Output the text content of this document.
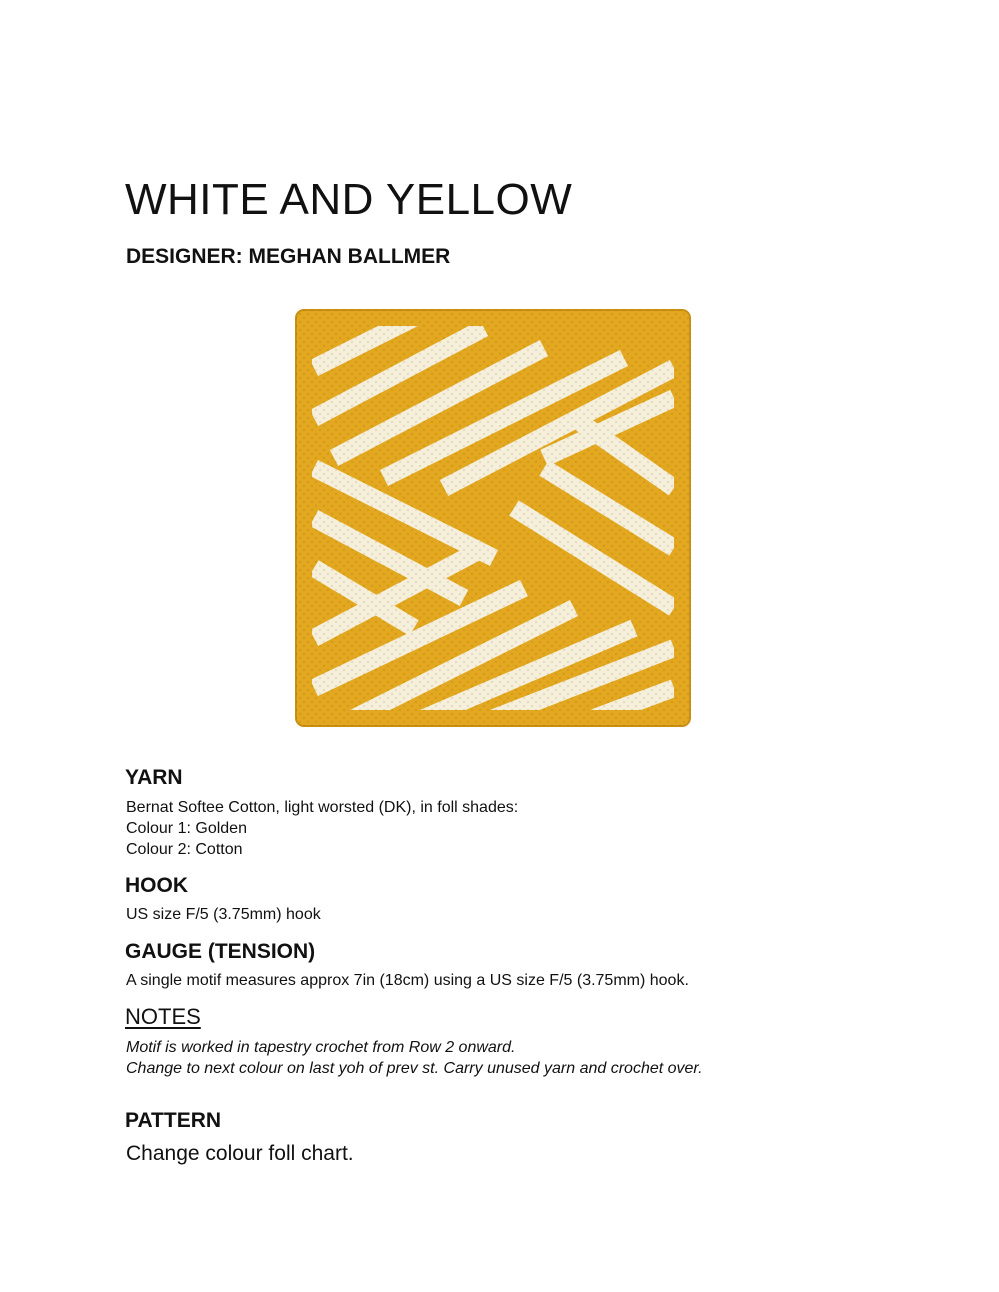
WHITE AND YELLOW
DESIGNER: MEGHAN BALLMER
YARN

Bernat Softee Cotton, light worsted (DK), in foll shades:
Colour 1: Golden
Colour 2: Cotton

HOOK

US size F/5 (3.75mm) hook

GAUGE (TENSION)

A single motif measures approx 7in (18cm) using a US size F/5 (3.75mm) hook.

NOTES

Motif is worked in tapestry crochet from Row 2 onward.
Change to next colour on last yoh of prev st. Carry unused yarn and crochet over.

PATTERN

Change colour foll chart.
